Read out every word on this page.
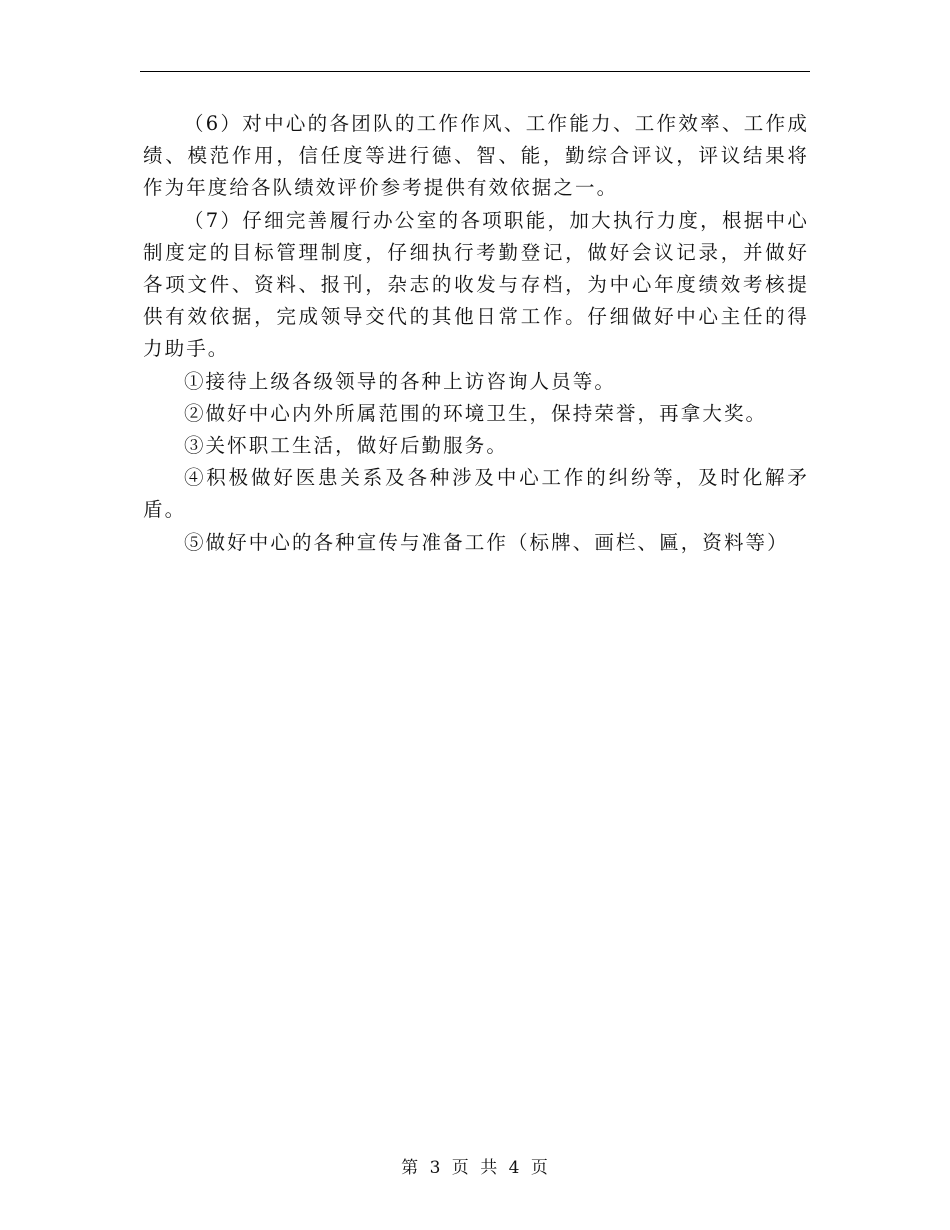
（6）对中心的各团队的工作作风、工作能力、工作效率、工作成绩、模范作用，信任度等进行德、智、能，勤综合评议，评议结果将作为年度给各队绩效评价参考提供有效依据之一。

（7）仔细完善履行办公室的各项职能，加大执行力度，根据中心制度定的目标管理制度，仔细执行考勤登记，做好会议记录，并做好各项文件、资料、报刊，杂志的收发与存档，为中心年度绩效考核提供有效依据，完成领导交代的其他日常工作。仔细做好中心主任的得力助手。

①接待上级各级领导的各种上访咨询人员等。

②做好中心内外所属范围的环境卫生，保持荣誉，再拿大奖。

③关怀职工生活，做好后勤服务。

④积极做好医患关系及各种涉及中心工作的纠纷等，及时化解矛盾。

⑤做好中心的各种宣传与准备工作（标牌、画栏、匾，资料等）

第 3 页 共 4 页
